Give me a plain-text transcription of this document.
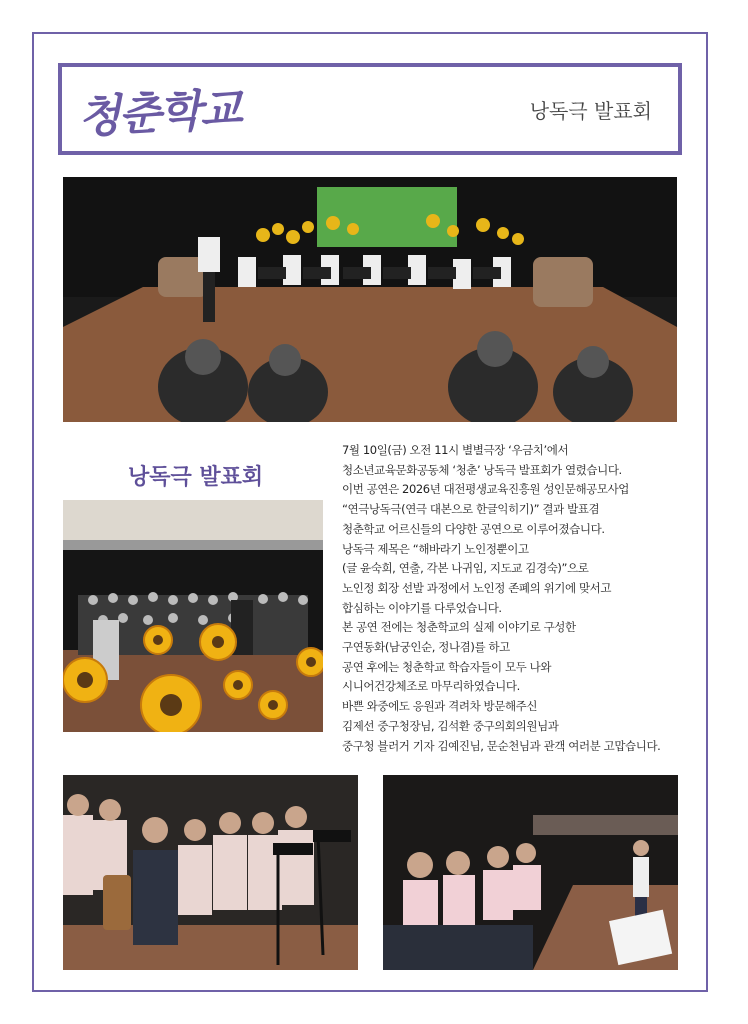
청춘학교	낭독극 발표회
낭독극 발표회
7월 10일(금) 오전 11시 별별극장 ‘우금치’에서
청소년교육문화공동체 ‘청춘’ 낭독극 발표회가 열렸습니다.
이번 공연은 2026년 대전평생교육진흥원 성인문해공모사업
“연극낭독극(연극 대본으로 한글익히기)” 결과 발표겸
청춘학교 어르신들의 다양한 공연으로 이루어졌습니다.
낭독극 제목은 “해바라기 노인정뿐이고
(글 윤숙희, 연출, 각본 나귀임, 지도교 김경숙)”으로
노인정 회장 선발 과정에서 노인정 존폐의 위기에 맞서고
합심하는 이야기를 다루었습니다.
본 공연 전에는 청춘학교의 실제 이야기로 구성한
구연동화(남궁인순, 정나겸)를 하고
공연 후에는 청춘학교 학습자들이 모두 나와
시니어건강체조로 마무리하였습니다.
바쁜 와중에도 응원과 격려차 방문해주신
김제선 중구청장님, 김석환 중구의회의원님과
중구청 블러거 기자 김예진님, 문순천님과 관객 여러분 고맙습니다.
